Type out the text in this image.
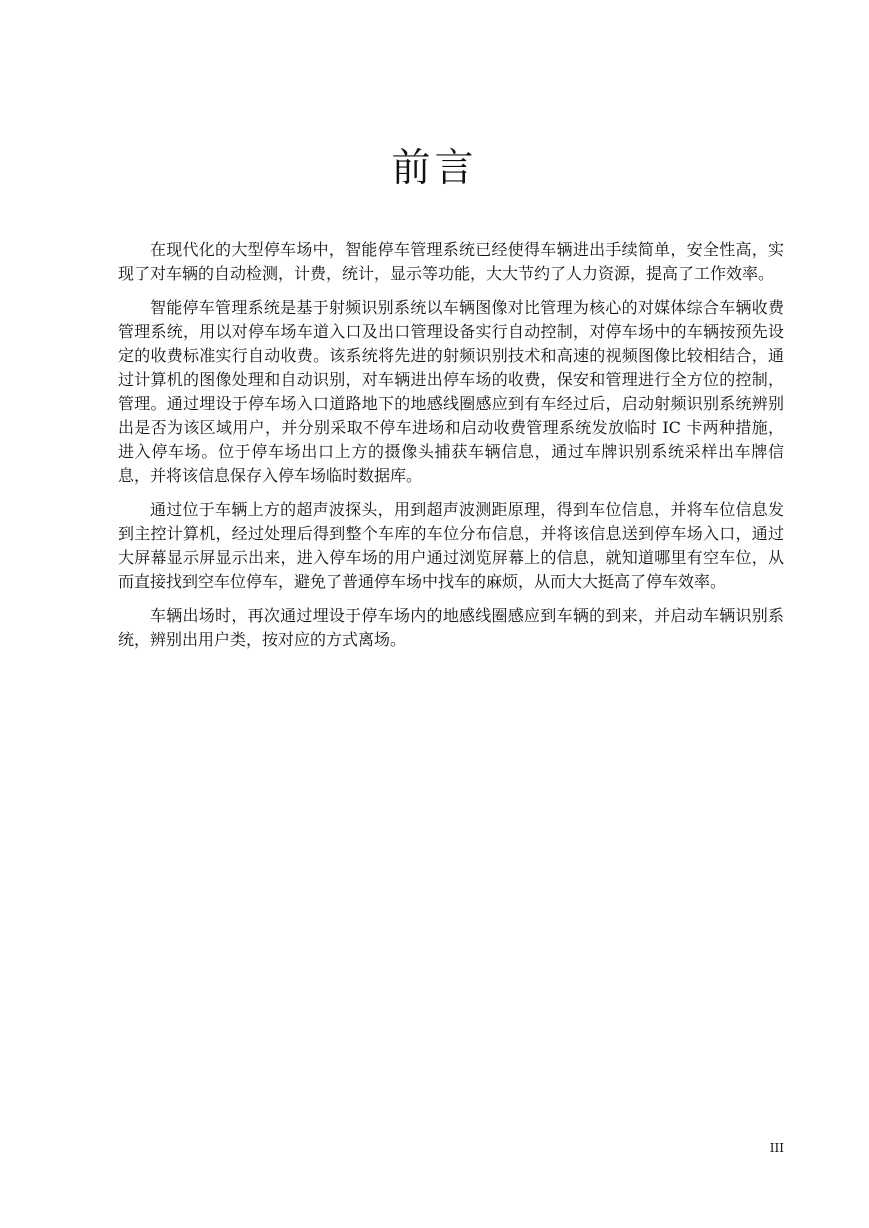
前言

在现代化的大型停车场中，智能停车管理系统已经使得车辆进出手续简单，安全性高，实现了对车辆的自动检测，计费，统计，显示等功能，大大节约了人力资源，提高了工作效率。

智能停车管理系统是基于射频识别系统以车辆图像对比管理为核心的对媒体综合车辆收费管理系统，用以对停车场车道入口及出口管理设备实行自动控制，对停车场中的车辆按预先设定的收费标准实行自动收费。该系统将先进的射频识别技术和高速的视频图像比较相结合，通过计算机的图像处理和自动识别，对车辆进出停车场的收费，保安和管理进行全方位的控制，管理。通过埋设于停车场入口道路地下的地感线圈感应到有车经过后，启动射频识别系统辨别出是否为该区域用户，并分别采取不停车进场和启动收费管理系统发放临时 IC 卡两种措施，进入停车场。位于停车场出口上方的摄像头捕获车辆信息，通过车牌识别系统采样出车牌信息，并将该信息保存入停车场临时数据库。

通过位于车辆上方的超声波探头，用到超声波测距原理，得到车位信息，并将车位信息发到主控计算机，经过处理后得到整个车库的车位分布信息，并将该信息送到停车场入口，通过大屏幕显示屏显示出来，进入停车场的用户通过浏览屏幕上的信息，就知道哪里有空车位，从而直接找到空车位停车，避免了普通停车场中找车的麻烦，从而大大挺高了停车效率。

车辆出场时，再次通过埋设于停车场内的地感线圈感应到车辆的到来，并启动车辆识别系统，辨别出用户类，按对应的方式离场。

III
